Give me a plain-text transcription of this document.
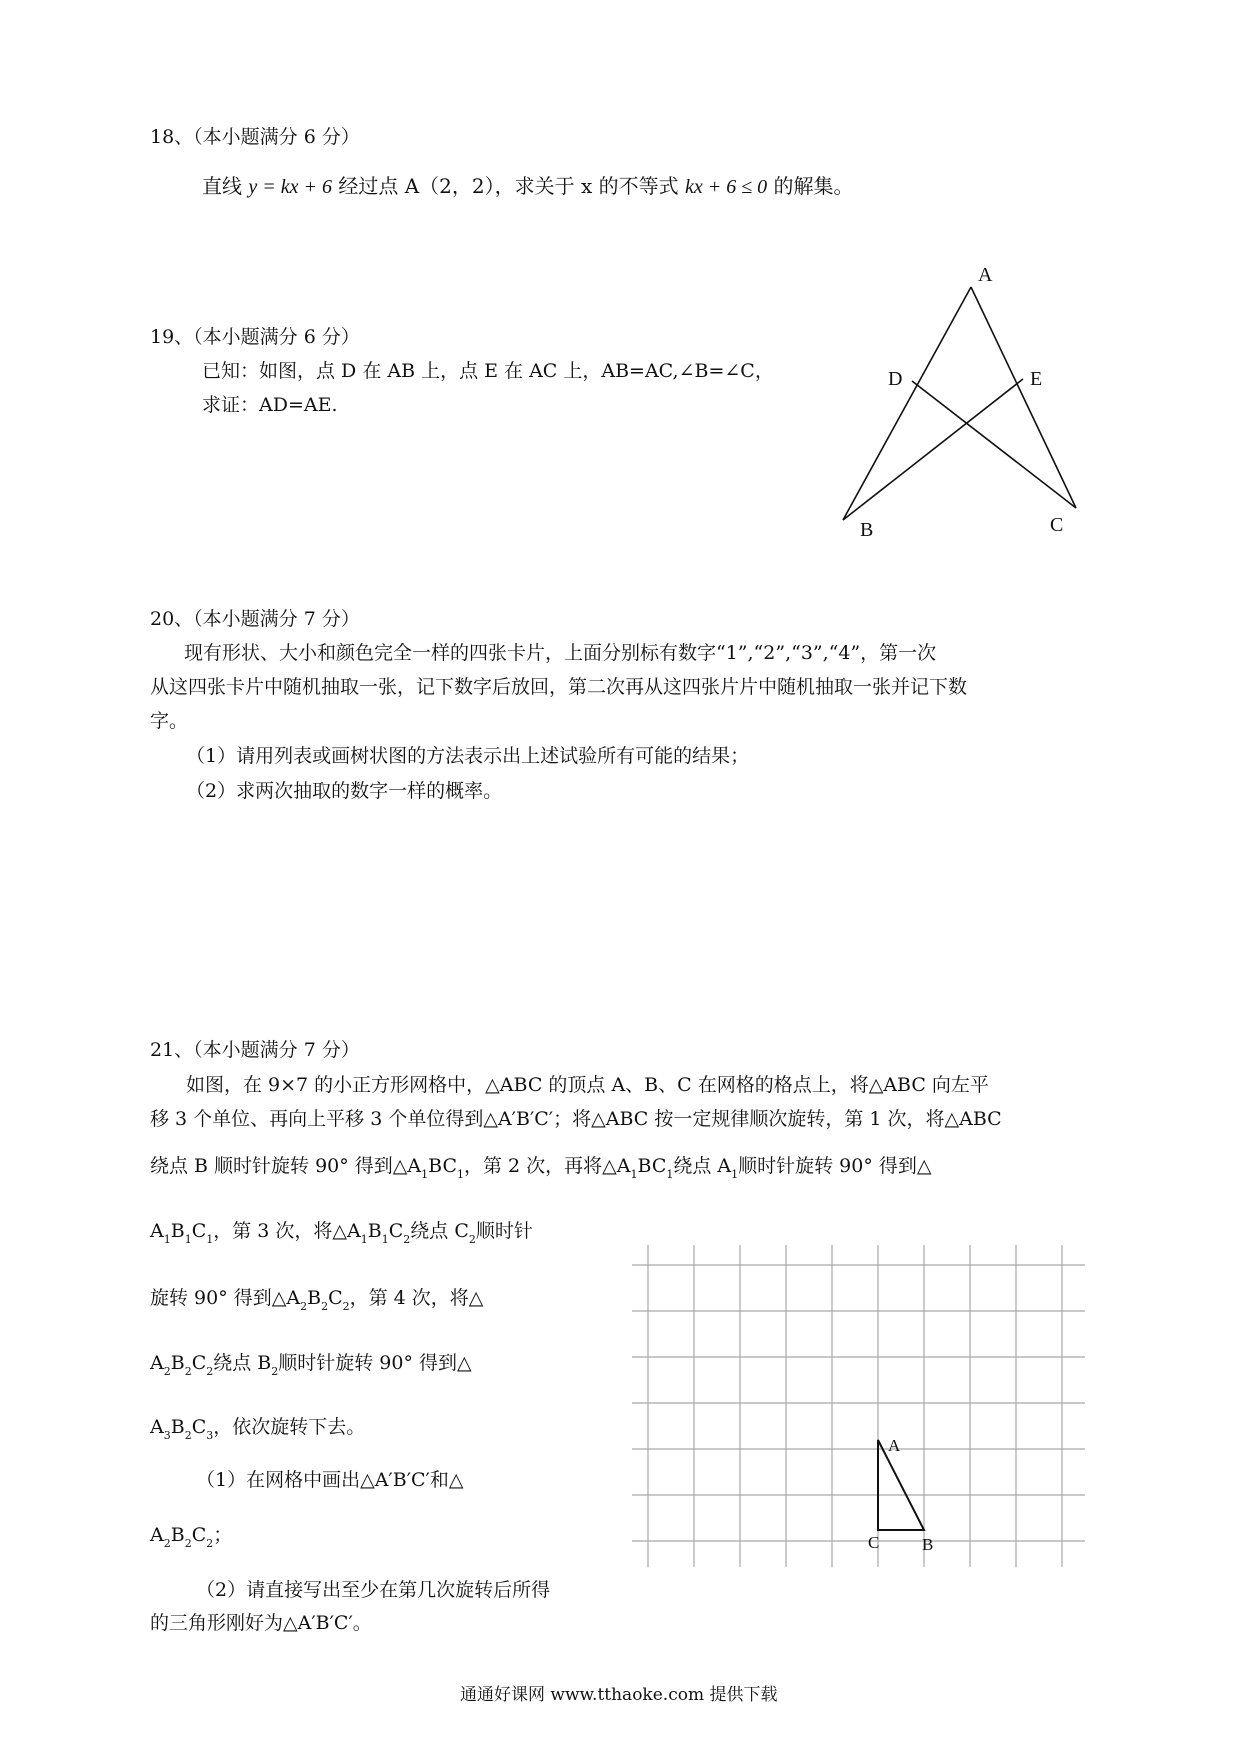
18、（本小题满分 6 分）
直线 y = kx + 6 经过点 A（2，2），求关于 x 的不等式 kx + 6 ≤ 0 的解集。
19、（本小题满分 6 分）
已知：如图，点 D 在 AB 上，点 E 在 AC 上，AB=AC,∠B=∠C，
求证：AD=AE.
A
D	E
B	C
20、（本小题满分 7 分）
现有形状、大小和颜色完全一样的四张卡片，上面分别标有数字“1”,“2”,“3”,“4”，第一次
从这四张卡片中随机抽取一张，记下数字后放回，第二次再从这四张片片中随机抽取一张并记下数
字。
（1）请用列表或画树状图的方法表示出上述试验所有可能的结果；
（2）求两次抽取的数字一样的概率。
21、（本小题满分 7 分）
如图，在 9×7 的小正方形网格中，△ABC 的顶点 A、B、C 在网格的格点上，将△ABC 向左平
移 3 个单位、再向上平移 3 个单位得到△A′B′C′；将△ABC 按一定规律顺次旋转，第 1 次，将△ABC
绕点 B 顺时针旋转 90° 得到$\triangle A_1BC_1$，第 2 次，再将$\triangle A_1BC_1$绕点 $A_1$顺时针旋转 90° 得到△
$A_1B_1C_1$，第 3 次，将$\triangle A_1B_1C_2$绕点 $C_2$顺时针
旋转 90° 得到$\triangle A_2B_2C_2$，第 4 次，将△
$A_2B_2C_2$绕点 $B_2$顺时针旋转 90° 得到△
$A_3B_2C_3$，依次旋转下去。
（1）在网格中画出△A′B′C′和△
$A_2B_2C_2$；
（2）请直接写出至少在第几次旋转后所得
的三角形刚好为△A′B′C′。
A
C	B
通通好课网 www.tthaoke.com 提供下载
